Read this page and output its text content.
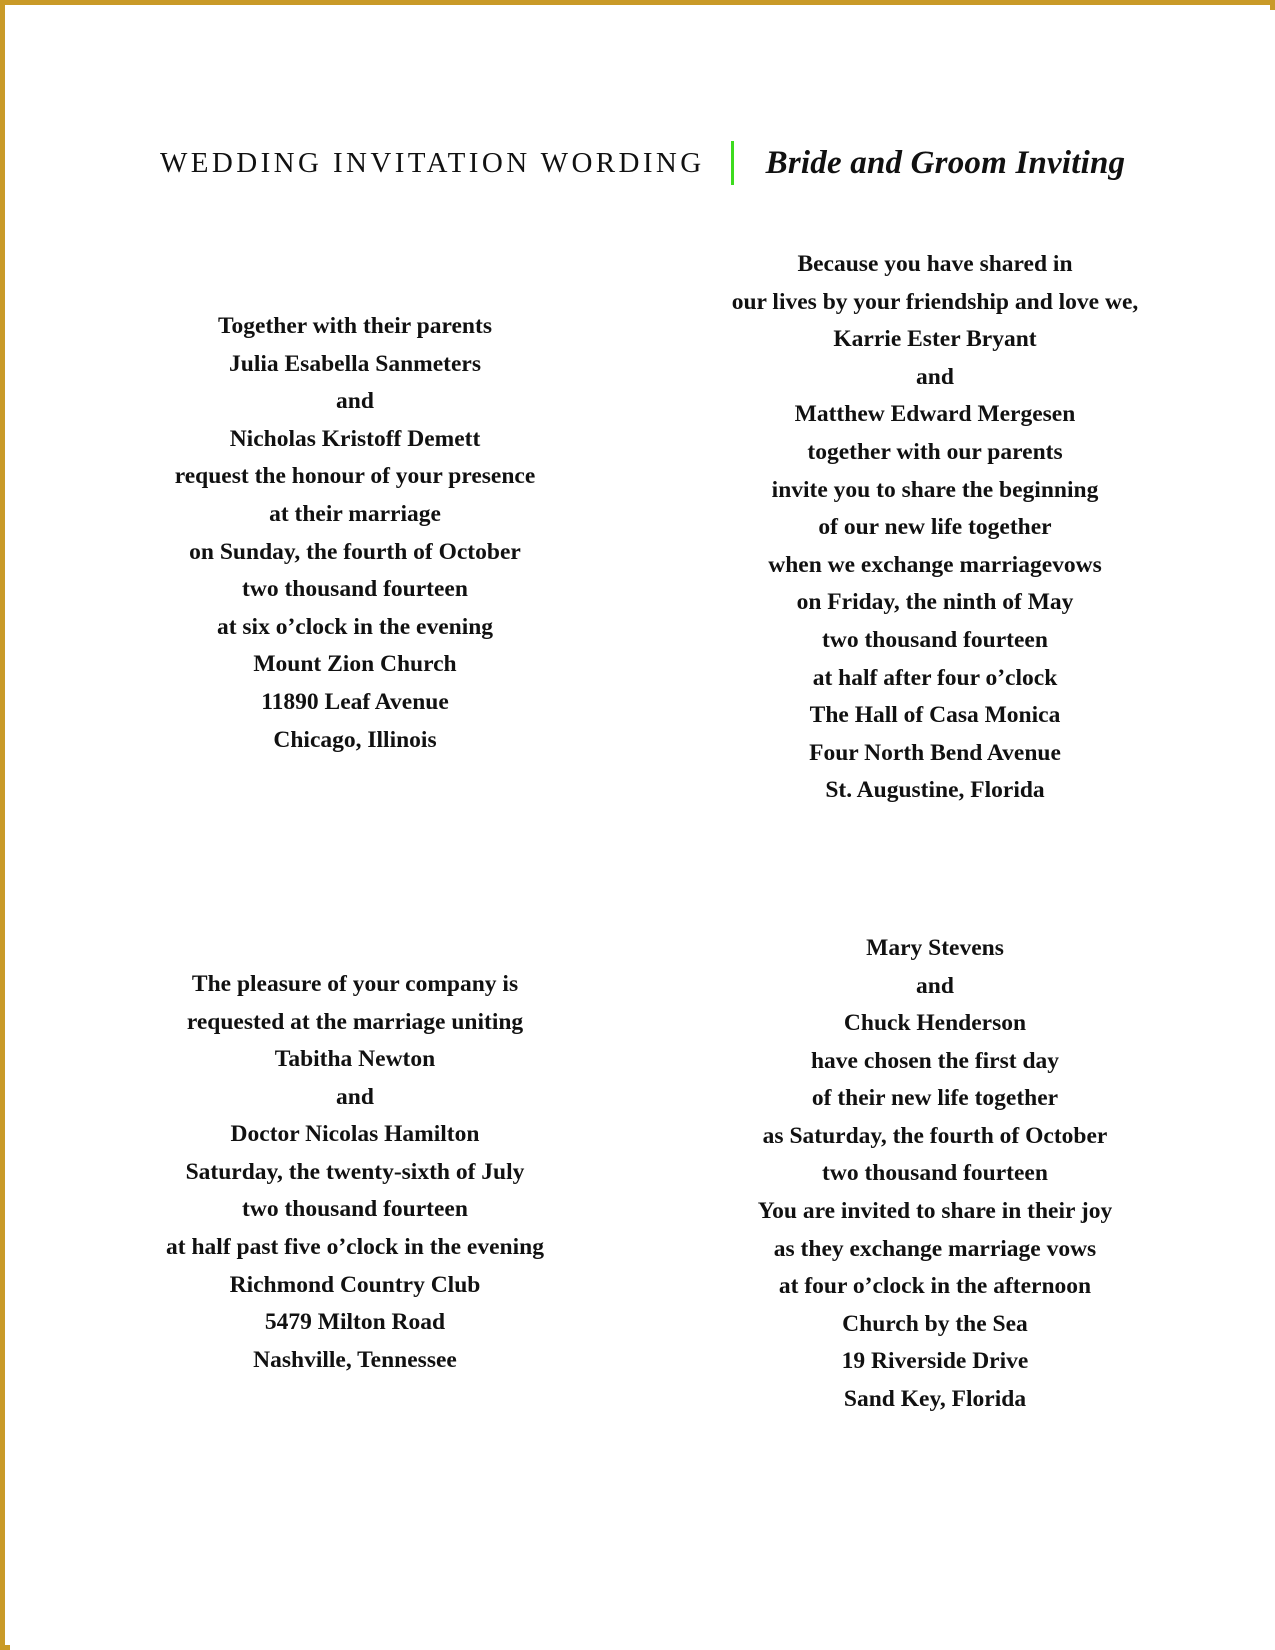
WEDDING INVITATION WORDING	Bride and Groom Inviting
Together with their parents
Julia Esabella Sanmeters
and
Nicholas Kristoff Demett
request the honour of your presence
at their marriage
on Sunday, the fourth of October
two thousand fourteen
at six o’clock in the evening
Mount Zion Church
11890 Leaf Avenue
Chicago, Illinois
Because you have shared in
our lives by your friendship and love we,
Karrie Ester Bryant
and
Matthew Edward Mergesen
together with our parents
invite you to share the beginning
of our new life together
when we exchange marriagevows
on Friday, the ninth of May
two thousand fourteen
at half after four o’clock
The Hall of Casa Monica
Four North Bend Avenue
St. Augustine, Florida
The pleasure of your company is
requested at the marriage uniting
Tabitha Newton
and
Doctor Nicolas Hamilton
Saturday, the twenty-sixth of July
two thousand fourteen
at half past five o’clock in the evening
Richmond Country Club
5479 Milton Road
Nashville, Tennessee
Mary Stevens
and
Chuck Henderson
have chosen the first day
of their new life together
as Saturday, the fourth of October
two thousand fourteen
You are invited to share in their joy
as they exchange marriage vows
at four o’clock in the afternoon
Church by the Sea
19 Riverside Drive
Sand Key, Florida
